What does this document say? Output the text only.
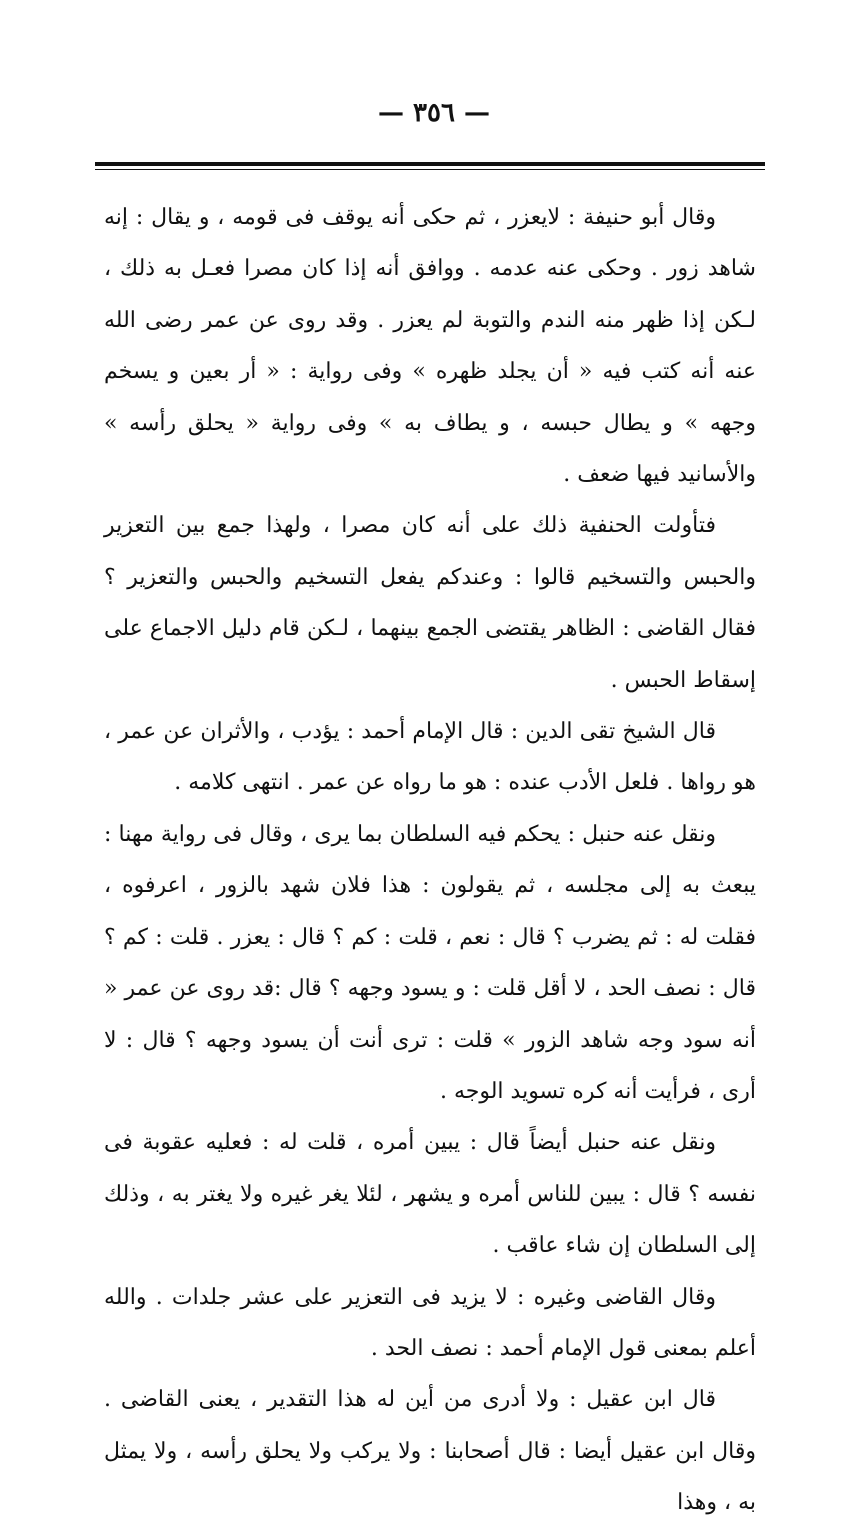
— ٣٥٦ —

وقال أبو حنيفة : لايعزر ، ثم حكى أنه يوقف فى قومه ، و يقال : إنه شاهد زور . وحكى عنه عدمه . ووافق أنه إذا كان مصرا فعـل به ذلك ، لـكن إذا ظهر منه الندم والتوبة لم يعزر . وقد روى عن عمر رضى الله عنه أنه كتب فيه « أن يجلد ظهره » وفى رواية : « أر بعين و يسخم وجهه » و يطال حبسه ، و يطاف به » وفى رواية « يحلق رأسه » والأسانيد فيها ضعف .

فتأولت الحنفية ذلك على أنه كان مصرا ، ولهذا جمع بين التعزير والحبس والتسخيم قالوا : وعندكم يفعل التسخيم والحبس والتعزير ؟ فقال القاضى : الظاهر يقتضى الجمع بينهما ، لـكن قام دليل الاجماع على إسقاط الحبس .

قال الشيخ تقى الدين : قال الإمام أحمد : يؤدب ، والأثران عن عمر ، هو رواها . فلعل الأدب عنده : هو ما رواه عن عمر . انتهى كلامه .

ونقل عنه حنبل : يحكم فيه السلطان بما يرى ، وقال فى رواية مهنا : يبعث به إلى مجلسه ، ثم يقولون : هذا فلان شهد بالزور ، اعرفوه ، فقلت له : ثم يضرب ؟ قال : نعم ، قلت : كم ؟ قال : يعزر . قلت : كم ؟ قال : نصف الحد ، لا أقل قلت : و يسود وجهه ؟ قال :قد روى عن عمر « أنه سود وجه شاهد الزور » قلت : ترى أنت أن يسود وجهه ؟ قال : لا أرى ، فرأيت أنه كره تسويد الوجه .

ونقل عنه حنبل أيضاً قال : يبين أمره ، قلت له : فعليه عقوبة فى نفسه ؟ قال : يبين للناس أمره و يشهر ، لئلا يغر غيره ولا يغتر به ، وذلك إلى السلطان إن شاء عاقب .

وقال القاضى وغيره : لا يزيد فى التعزير على عشر جلدات . والله أعلم بمعنى قول الإمام أحمد : نصف الحد .

قال ابن عقيل : ولا أدرى من أين له هذا التقدير ، يعنى القاضى . وقال ابن عقيل أيضا : قال أصحابنا : ولا يركب ولا يحلق رأسه ، ولا يمثل به ، وهذا
